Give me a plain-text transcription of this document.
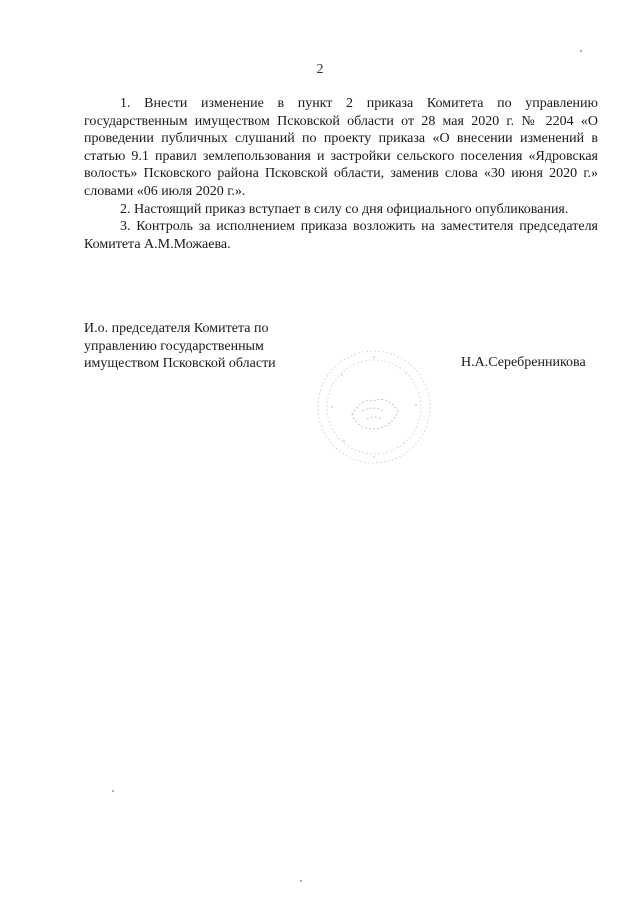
2

1. Внести изменение в пункт 2 приказа Комитета по управлению государственным имуществом Псковской области от 28 мая 2020 г. № 2204 «О проведении публичных слушаний по проекту приказа «О внесении изменений в статью 9.1 правил землепользования и застройки сельского поселения «Ядровская волость» Псковского района Псковской области, заменив слова «30 июня 2020 г.» словами «06 июля 2020 г.».

2. Настоящий приказ вступает в силу со дня официального опубликования.

3. Контроль за исполнением приказа возложить на заместителя председателя Комитета А.М.Можаева.

И.о. председателя Комитета по
управлению государственным
имуществом Псковской области	Н.А.Серебренникова
